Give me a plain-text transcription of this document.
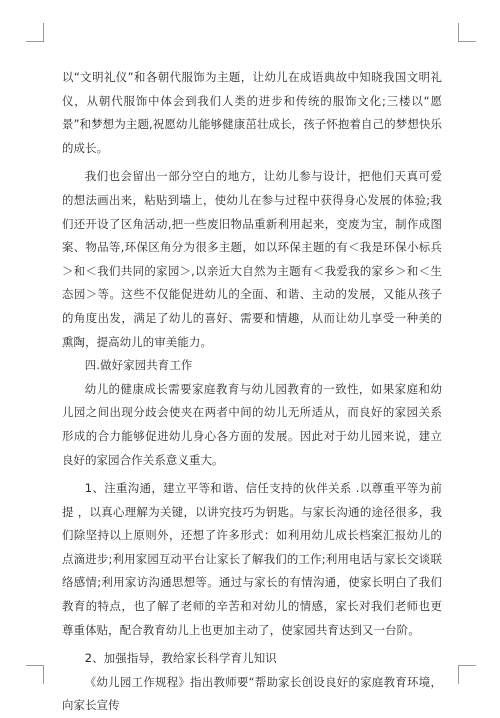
以“文明礼仪”和各朝代服饰为主题，让幼儿在成语典故中知晓我国文明礼仪，从朝代服饰中体会到我们人类的进步和传统的服饰文化;三楼以“愿景”和梦想为主题,祝愿幼儿能够健康茁壮成长，孩子怀抱着自己的梦想快乐的成长。

我们也会留出一部分空白的地方，让幼儿参与设计，把他们天真可爱的想法画出来，粘贴到墙上，使幼儿在参与过程中获得身心发展的体验;我们还开设了区角活动,把一些废旧物品重新利用起来，变废为宝，制作成图案、物品等,环保区角分为很多主题，如以环保主题的有＜我是环保小标兵＞和＜我们共同的家园＞,以亲近大自然为主题有＜我爱我的家乡＞和＜生态园＞等。这些不仅能促进幼儿的全面、和谐、主动的发展，又能从孩子的角度出发，满足了幼儿的喜好、需要和情趣，从而让幼儿享受一种美的熏陶，提高幼儿的审美能力。

四.做好家园共育工作

幼儿的健康成长需要家庭教育与幼儿园教育的一致性，如果家庭和幼儿园之间出现分歧会使夹在两者中间的幼儿无所适从，而良好的家园关系形成的合力能够促进幼儿身心各方面的发展。因此对于幼儿园来说，建立良好的家园合作关系意义重大。

1、注重沟通，建立平等和谐、信任支持的伙伴关系 .以尊重平等为前提 ，以真心理解为关键，以讲究技巧为钥匙。与家长沟通的途径很多，我们除坚持以上原则外，还想了许多形式：如利用幼儿成长档案汇报幼儿的点滴进步;利用家园互动平台让家长了解我们的工作;利用电话与家长交谈联络感情;利用家访沟通思想等。通过与家长的有情沟通，使家长明白了我们教育的特点，也了解了老师的辛苦和对幼儿的情感，家长对我们老师也更尊重体贴，配合教育幼儿上也更加主动了，使家园共育达到又一台阶。

2、加强指导，教给家长科学育儿知识

《幼儿园工作规程》指出教师要“帮助家长创设良好的家庭教育环境，向家长宣传
